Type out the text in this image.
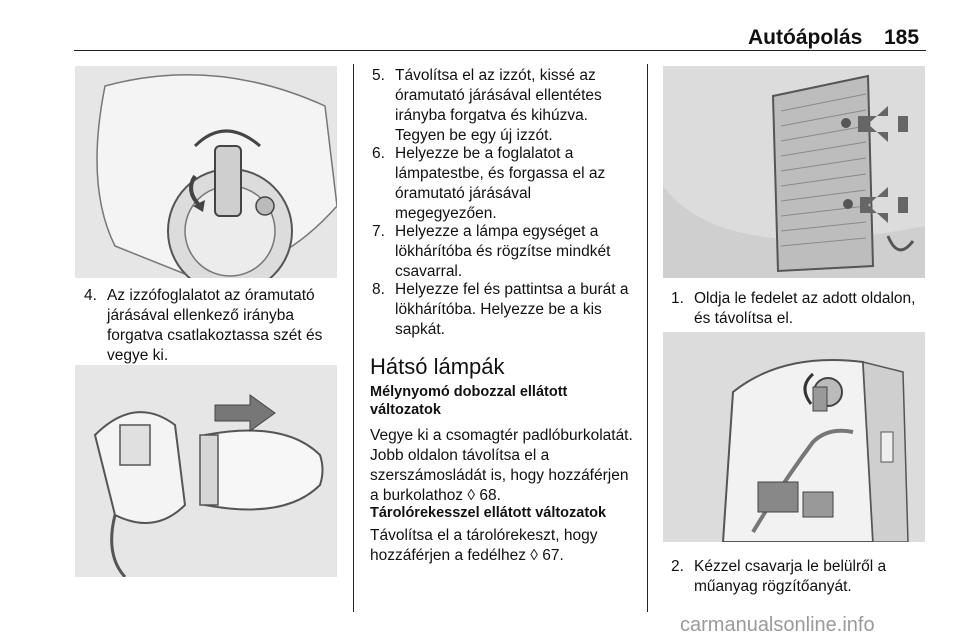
Autóápolás 185
4. Az izzófoglalatot az óramutató járásával ellenkező irányba forgatva csatlakoztassa szét és vegye ki.
5. Távolítsa el az izzót, kissé az óramutató járásával ellentétes irányba forgatva és kihúzva. Tegyen be egy új izzót.
6. Helyezze be a foglalatot a lámpatestbe, és forgassa el az óramutató járásával megegyezően.
7. Helyezze a lámpa egységet a lökhárítóba és rögzítse mindkét csavarral.
8. Helyezze fel és pattintsa a burát a lökhárítóba. Helyezze be a kis sapkát.
Hátsó lámpák
Mélynyomó dobozzal ellátott változatok
Vegye ki a csomagtér padlóburkolatát. Jobb oldalon távolítsa el a szerszámosládát is, hogy hozzáférjen a burkolathoz ◊ 68.
Tárolórekesszel ellátott változatok
Távolítsa el a tárolórekeszt, hogy hozzáférjen a fedélhez ◊ 67.
1. Oldja le fedelet az adott oldalon, és távolítsa el.
2. Kézzel csavarja le belülről a műanyag rögzítőanyát.
carmanualsonline.info
